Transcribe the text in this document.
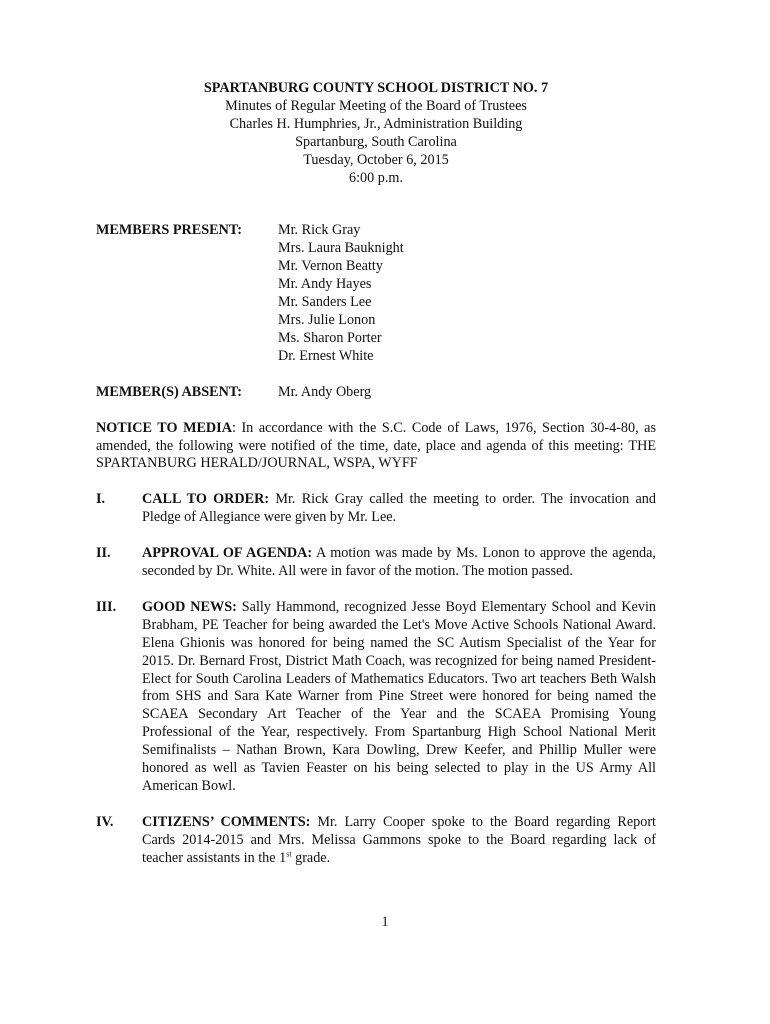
SPARTANBURG COUNTY SCHOOL DISTRICT NO. 7
Minutes of Regular Meeting of the Board of Trustees
Charles H. Humphries, Jr., Administration Building
Spartanburg, South Carolina
Tuesday, October 6, 2015
6:00 p.m.
MEMBERS PRESENT:	Mr. Rick Gray
Mrs. Laura Bauknight
Mr. Vernon Beatty
Mr. Andy Hayes
Mr. Sanders Lee
Mrs. Julie Lonon
Ms. Sharon Porter
Dr. Ernest White
MEMBER(S) ABSENT:	Mr. Andy Oberg
NOTICE TO MEDIA: In accordance with the S.C. Code of Laws, 1976, Section 30-4-80, as amended, the following were notified of the time, date, place and agenda of this meeting: THE SPARTANBURG HERALD/JOURNAL, WSPA, WYFF
I.	CALL TO ORDER: Mr. Rick Gray called the meeting to order. The invocation and Pledge of Allegiance were given by Mr. Lee.
II.	APPROVAL OF AGENDA: A motion was made by Ms. Lonon to approve the agenda, seconded by Dr. White. All were in favor of the motion. The motion passed.
III.	GOOD NEWS: Sally Hammond, recognized Jesse Boyd Elementary School and Kevin Brabham, PE Teacher for being awarded the Let's Move Active Schools National Award. Elena Ghionis was honored for being named the SC Autism Specialist of the Year for 2015. Dr. Bernard Frost, District Math Coach, was recognized for being named President-Elect for South Carolina Leaders of Mathematics Educators. Two art teachers Beth Walsh from SHS and Sara Kate Warner from Pine Street were honored for being named the SCAEA Secondary Art Teacher of the Year and the SCAEA Promising Young Professional of the Year, respectively. From Spartanburg High School National Merit Semifinalists – Nathan Brown, Kara Dowling, Drew Keefer, and Phillip Muller were honored as well as Tavien Feaster on his being selected to play in the US Army All American Bowl.
IV.	CITIZENS’ COMMENTS: Mr. Larry Cooper spoke to the Board regarding Report Cards 2014-2015 and Mrs. Melissa Gammons spoke to the Board regarding lack of teacher assistants in the 1st grade.
1
